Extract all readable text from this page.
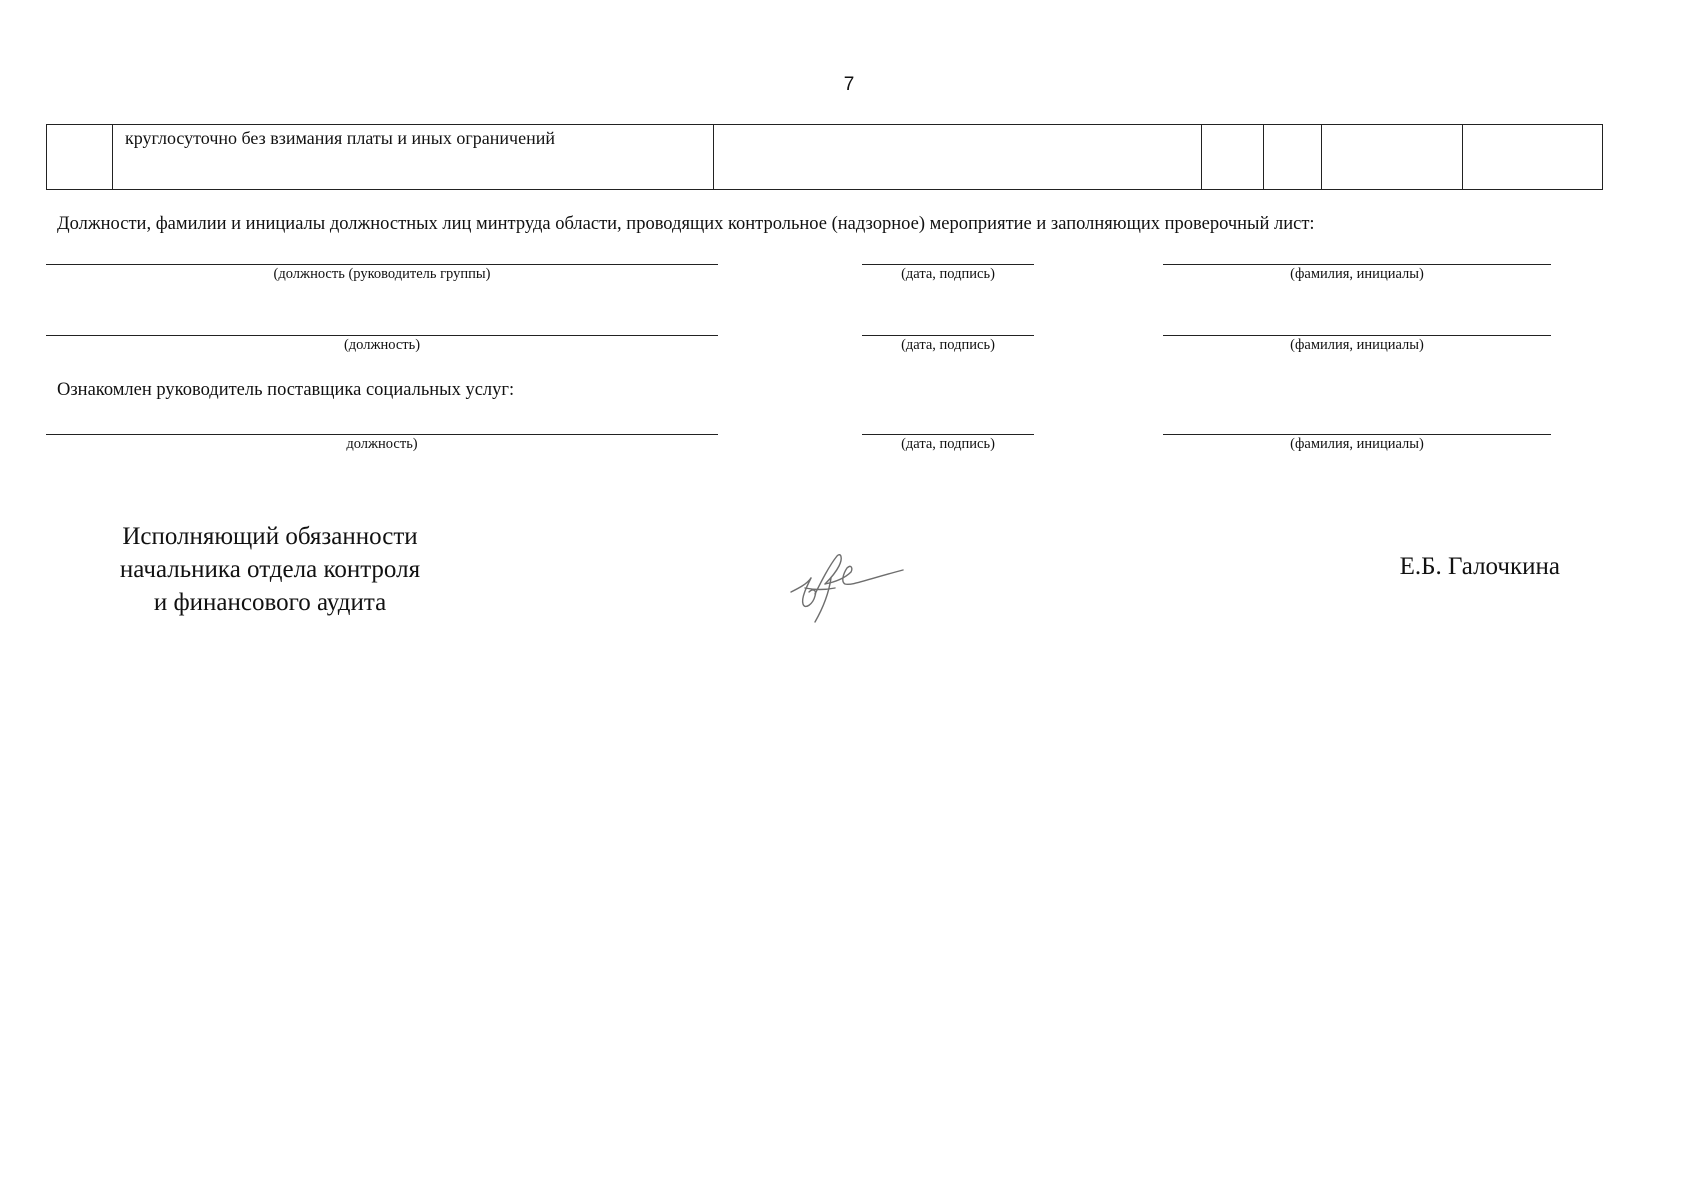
7
	круглосуточно без взимания платы и иных ограничений					
Должности, фамилии и инициалы должностных лиц минтруда области, проводящих контрольное (надзорное) мероприятие и заполняющих проверочный лист:
(должность (руководитель группы)	(дата, подпись)	(фамилия, инициалы)
(должность)	(дата, подпись)	(фамилия, инициалы)
Ознакомлен руководитель поставщика социальных услуг:
должность)	(дата, подпись)	(фамилия, инициалы)
Исполняющий обязанности
начальника отдела контроля
и финансового аудита
Е.Б. Галочкина
